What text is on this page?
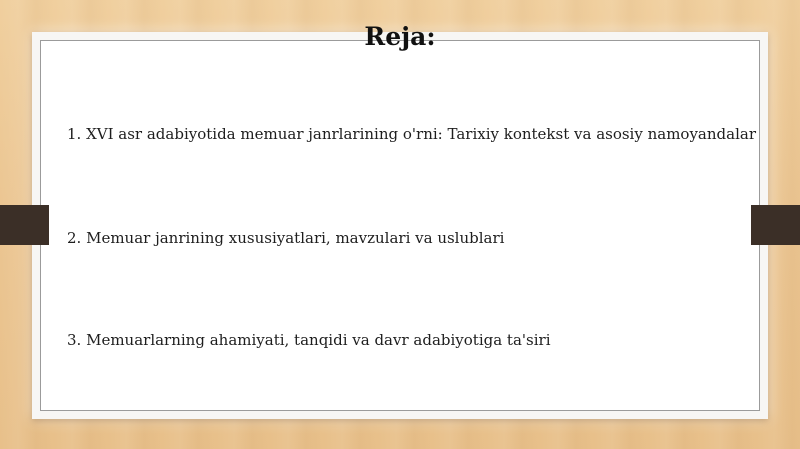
Reja:
1. XVI asr adabiyotida memuar janrlarining o'rni: Tarixiy kontekst va asosiy namoyandalar
2. Memuar janrining xususiyatlari, mavzulari va uslublari
3. Memuarlarning ahamiyati, tanqidi va davr adabiyotiga ta'siri
